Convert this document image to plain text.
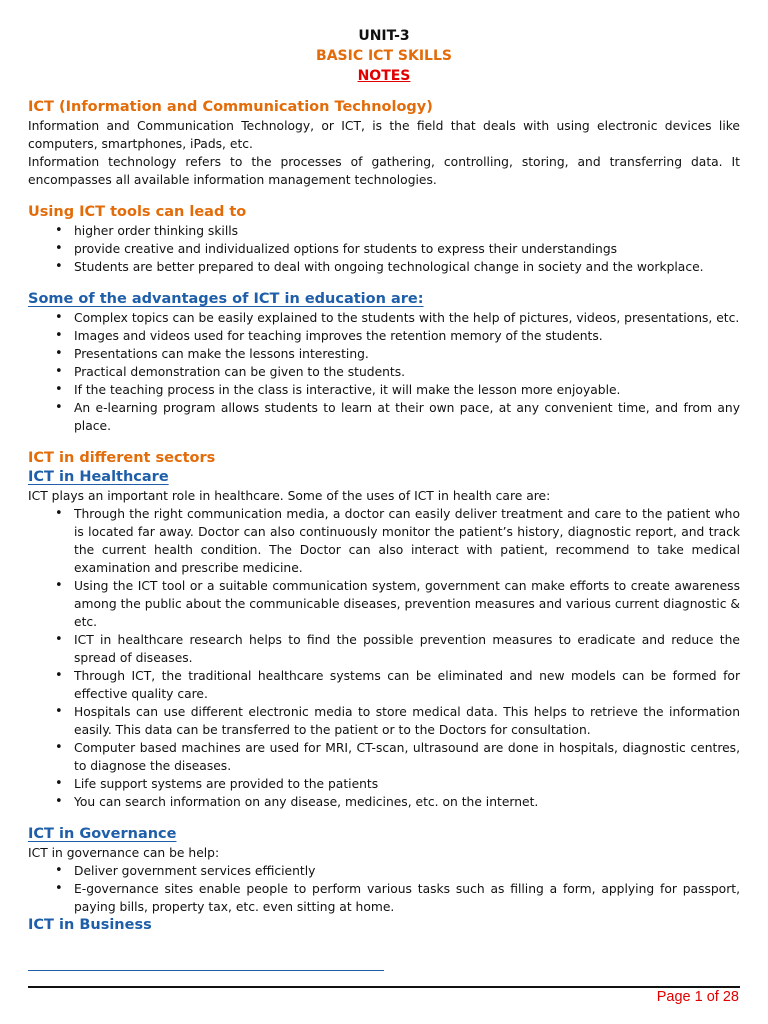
UNIT-3
BASIC ICT SKILLS
NOTES
ICT (Information and Communication Technology)

Information and Communication Technology, or ICT, is the field that deals with using electronic devices like computers, smartphones, iPads, etc.

Information technology refers to the processes of gathering, controlling, storing, and transferring data. It encompasses all available information management technologies.

Using ICT tools can lead to
• higher order thinking skills
• provide creative and individualized options for students to express their understandings
• Students are better prepared to deal with ongoing technological change in society and the workplace.
Some of the advantages of ICT in education are:
• Complex topics can be easily explained to the students with the help of pictures, videos, presentations, etc.
• Images and videos used for teaching improves the retention memory of the students.
• Presentations can make the lessons interesting.
• Practical demonstration can be given to the students.
• If the teaching process in the class is interactive, it will make the lesson more enjoyable.
• An e-learning program allows students to learn at their own pace, at any convenient time, and from any place.
ICT in different sectors
ICT in Healthcare

ICT plays an important role in healthcare. Some of the uses of ICT in health care are:

• Through the right communication media, a doctor can easily deliver treatment and care to the patient who is located far away. Doctor can also continuously monitor the patient’s history, diagnostic report, and track the current health condition. The Doctor can also interact with patient, recommend to take medical examination and prescribe medicine.
• Using the ICT tool or a suitable communication system, government can make efforts to create awareness among the public about the communicable diseases, prevention measures and various current diagnostic & etc.
• ICT in healthcare research helps to find the possible prevention measures to eradicate and reduce the spread of diseases.
• Through ICT, the traditional healthcare systems can be eliminated and new models can be formed for effective quality care.
• Hospitals can use different electronic media to store medical data. This helps to retrieve the information easily. This data can be transferred to the patient or to the Doctors for consultation.
• Computer based machines are used for MRI, CT-scan, ultrasound are done in hospitals, diagnostic centres, to diagnose the diseases.
• Life support systems are provided to the patients
• You can search information on any disease, medicines, etc. on the internet.
ICT in Governance

ICT in governance can be help:

• Deliver government services efficiently
• E-governance sites enable people to perform various tasks such as filling a form, applying for passport, paying bills, property tax, etc. even sitting at home.
ICT in Business
Page 1 of 28
